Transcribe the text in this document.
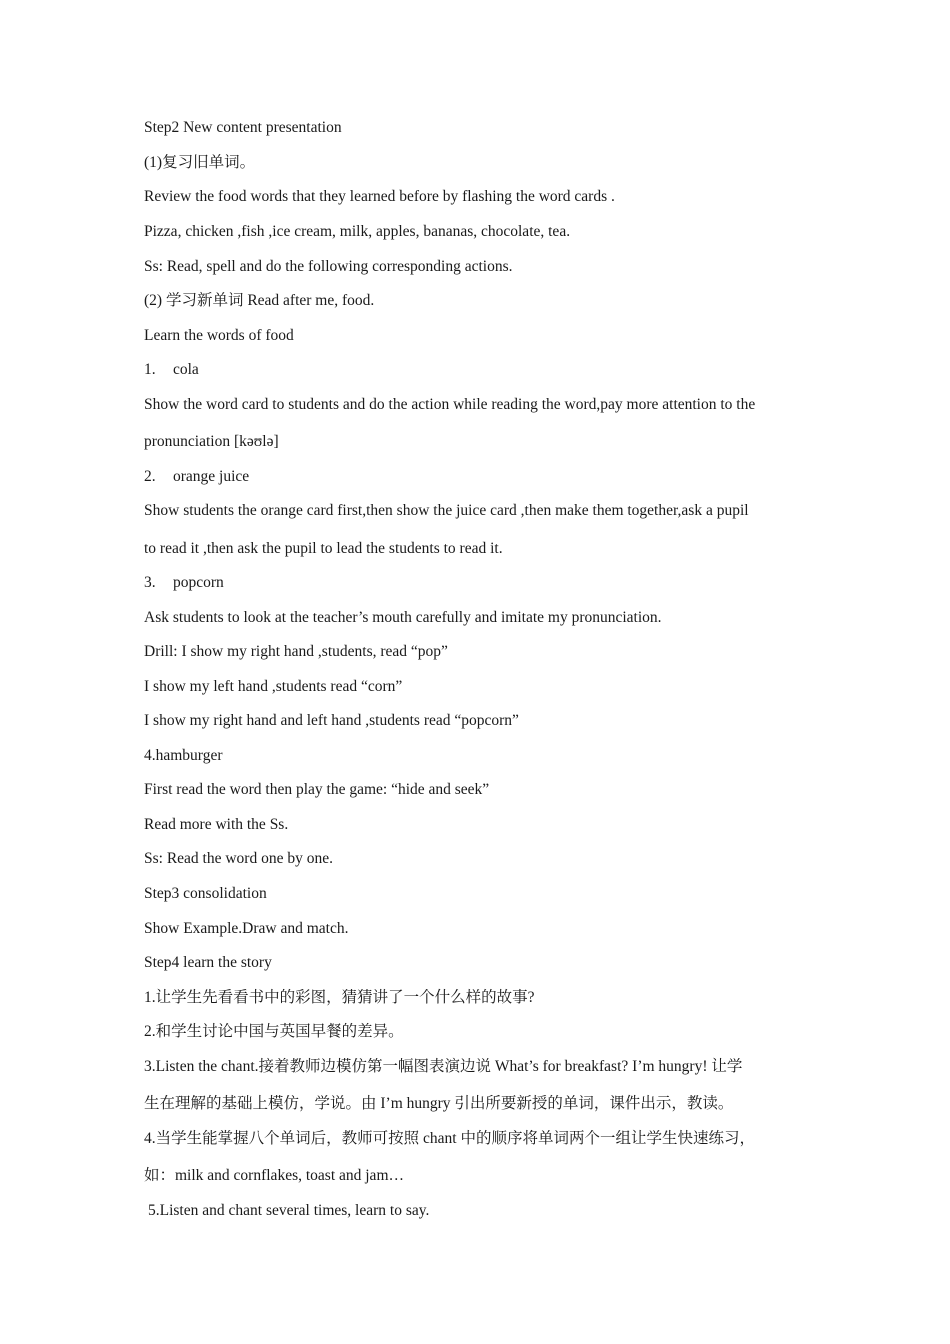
Step2 New content presentation
(1)复习旧单词。
Review the food words that they learned before by flashing the word cards .
Pizza, chicken ,fish ,ice cream, milk, apples, bananas, chocolate, tea.
Ss: Read, spell and do the following corresponding actions.
(2) 学习新单词 Read after me, food.
Learn the words of food
1. cola
Show the word card to students and do the action while reading the word,pay more attention to the
pronunciation [kəʊlə]
2. orange juice
Show students the orange card first,then show the juice card ,then make them together,ask a pupil
to read it ,then ask the pupil to lead the students to read it.
3. popcorn
Ask students to look at the teacher’s mouth carefully and imitate my pronunciation.
Drill: I show my right hand ,students, read “pop”
I show my left hand ,students read “corn”
I show my right hand and left hand ,students read “popcorn”
4.hamburger
First read the word then play the game: “hide and seek”
Read more with the Ss.
Ss: Read the word one by one.
Step3 consolidation
Show Example.Draw and match.
Step4 learn the story
1.让学生先看看书中的彩图，猜猜讲了一个什么样的故事?
2.和学生讨论中国与英国早餐的差异。
3.Listen the chant.接着教师边模仿第一幅图表演边说 What’s for breakfast? I’m hungry! 让学
生在理解的基础上模仿，学说。由 I’m hungry 引出所要新授的单词，课件出示，教读。
4.当学生能掌握八个单词后，教师可按照 chant 中的顺序将单词两个一组让学生快速练习，
如：milk and cornflakes, toast and jam…
5.Listen and chant several times, learn to say.
